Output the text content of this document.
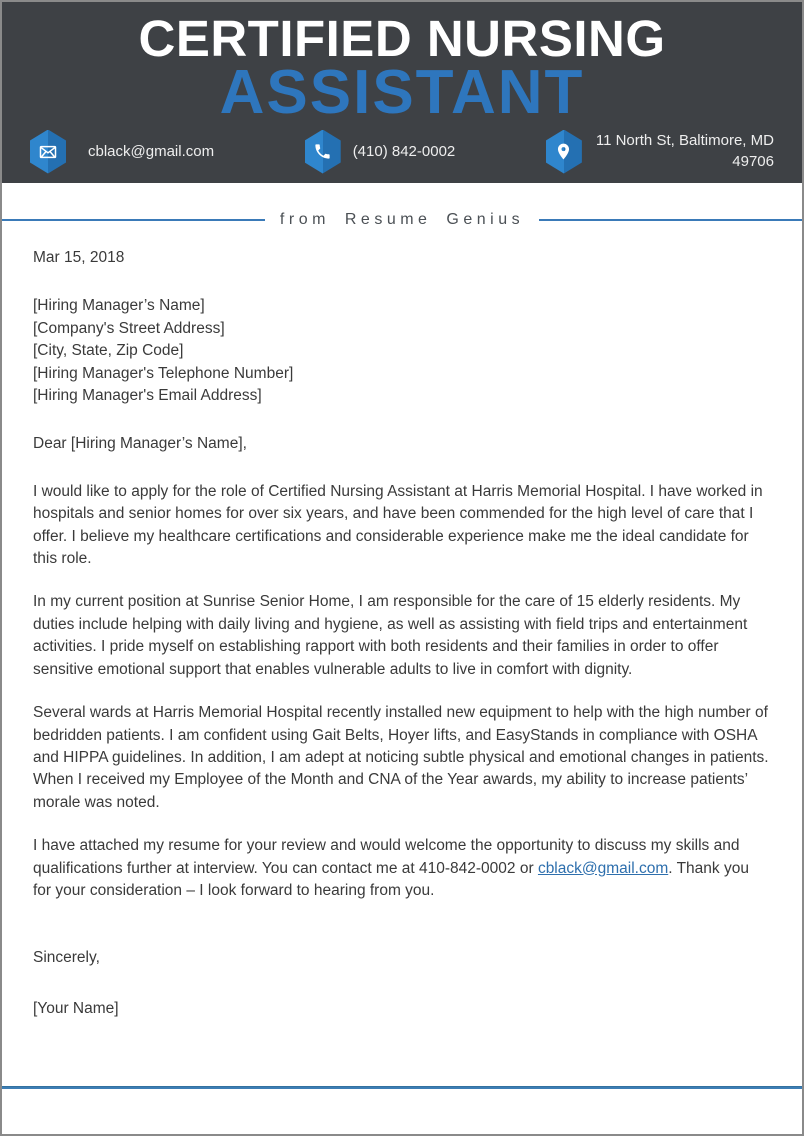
CERTIFIED NURSING
ASSISTANT
cblack@gmail.com	(410) 842-0002
11 North St, Baltimore, MD
49706
from Resume Genius
Mar 15, 2018
[Hiring Manager’s Name]
[Company's Street Address]
[City, State, Zip Code]
[Hiring Manager's Telephone Number]
[Hiring Manager's Email Address]
Dear [Hiring Manager’s Name],

I would like to apply for the role of Certified Nursing Assistant at Harris Memorial Hospital. I have worked in hospitals and senior homes for over six years, and have been commended for the high level of care that I offer. I believe my healthcare certifications and considerable experience make me the ideal candidate for this role.

In my current position at Sunrise Senior Home, I am responsible for the care of 15 elderly residents. My duties include helping with daily living and hygiene, as well as assisting with field trips and entertainment activities. I pride myself on establishing rapport with both residents and their families in order to offer sensitive emotional support that enables vulnerable adults to live in comfort with dignity.

Several wards at Harris Memorial Hospital recently installed new equipment to help with the high number of bedridden patients. I am confident using Gait Belts, Hoyer lifts, and EasyStands in compliance with OSHA and HIPPA guidelines. In addition, I am adept at noticing subtle physical and emotional changes in patients. When I received my Employee of the Month and CNA of the Year awards, my ability to increase patients’ morale was noted.

I have attached my resume for your review and would welcome the opportunity to discuss my skills and qualifications further at interview. You can contact me at 410-842-0002 or cblack@gmail.com. Thank you for your consideration – I look forward to hearing from you.

Sincerely,
[Your Name]
